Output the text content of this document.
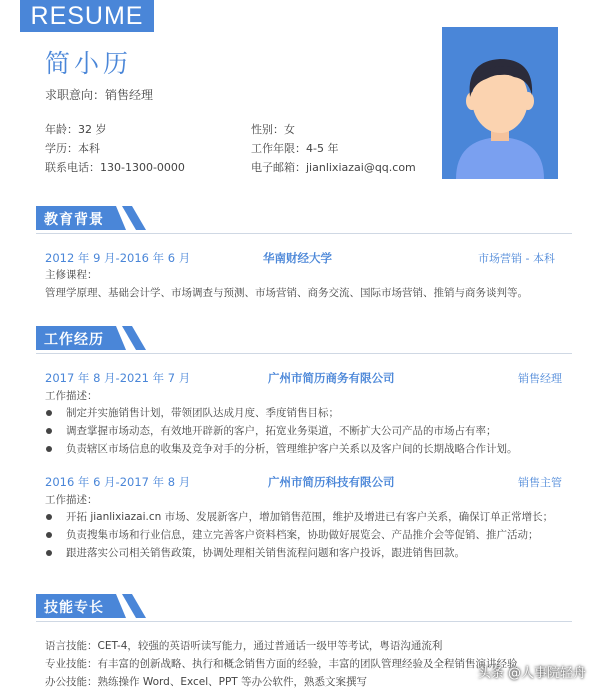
RESUME
简小历
求职意向：销售经理
年龄：32 岁	性别：女
学历：本科	工作年限：4-5 年
联系电话：130-1300-0000	电子邮箱：jianlixiazai@qq.com
教育背景
2012 年 9 月-2016 年 6 月	华南财经大学	市场营销 - 本科
主修课程：
管理学原理、基础会计学、市场调查与预测、市场营销、商务交流、国际市场营销、推销与商务谈判等。
工作经历
2017 年 8 月-2021 年 7 月	广州市简历商务有限公司	销售经理
工作描述：
制定并实施销售计划，带领团队达成月度、季度销售目标；
调查掌握市场动态，有效地开辟新的客户，拓宽业务渠道，不断扩大公司产品的市场占有率；
负责辖区市场信息的收集及竞争对手的分析，管理维护客户关系以及客户间的长期战略合作计划。
2016 年 6 月-2017 年 8 月	广州市简历科技有限公司	销售主管
工作描述：
开拓 jianlixiazai.cn 市场、发展新客户，增加销售范围，维护及增进已有客户关系，确保订单正常增长；
负责搜集市场和行业信息，建立完善客户资料档案，协助做好展览会、产品推介会等促销、推广活动；
跟进落实公司相关销售政策，协调处理相关销售流程问题和客户投诉，跟进销售回款。
技能专长
语言技能：CET-4，较强的英语听读写能力，通过普通话一级甲等考试，粤语沟通流利
专业技能：有丰富的创新战略、执行和概念销售方面的经验，丰富的团队管理经验及全程销售演讲经验
办公技能：熟练操作 Word、Excel、PPT 等办公软件，熟悉文案撰写
头条 @人事院轻舟
